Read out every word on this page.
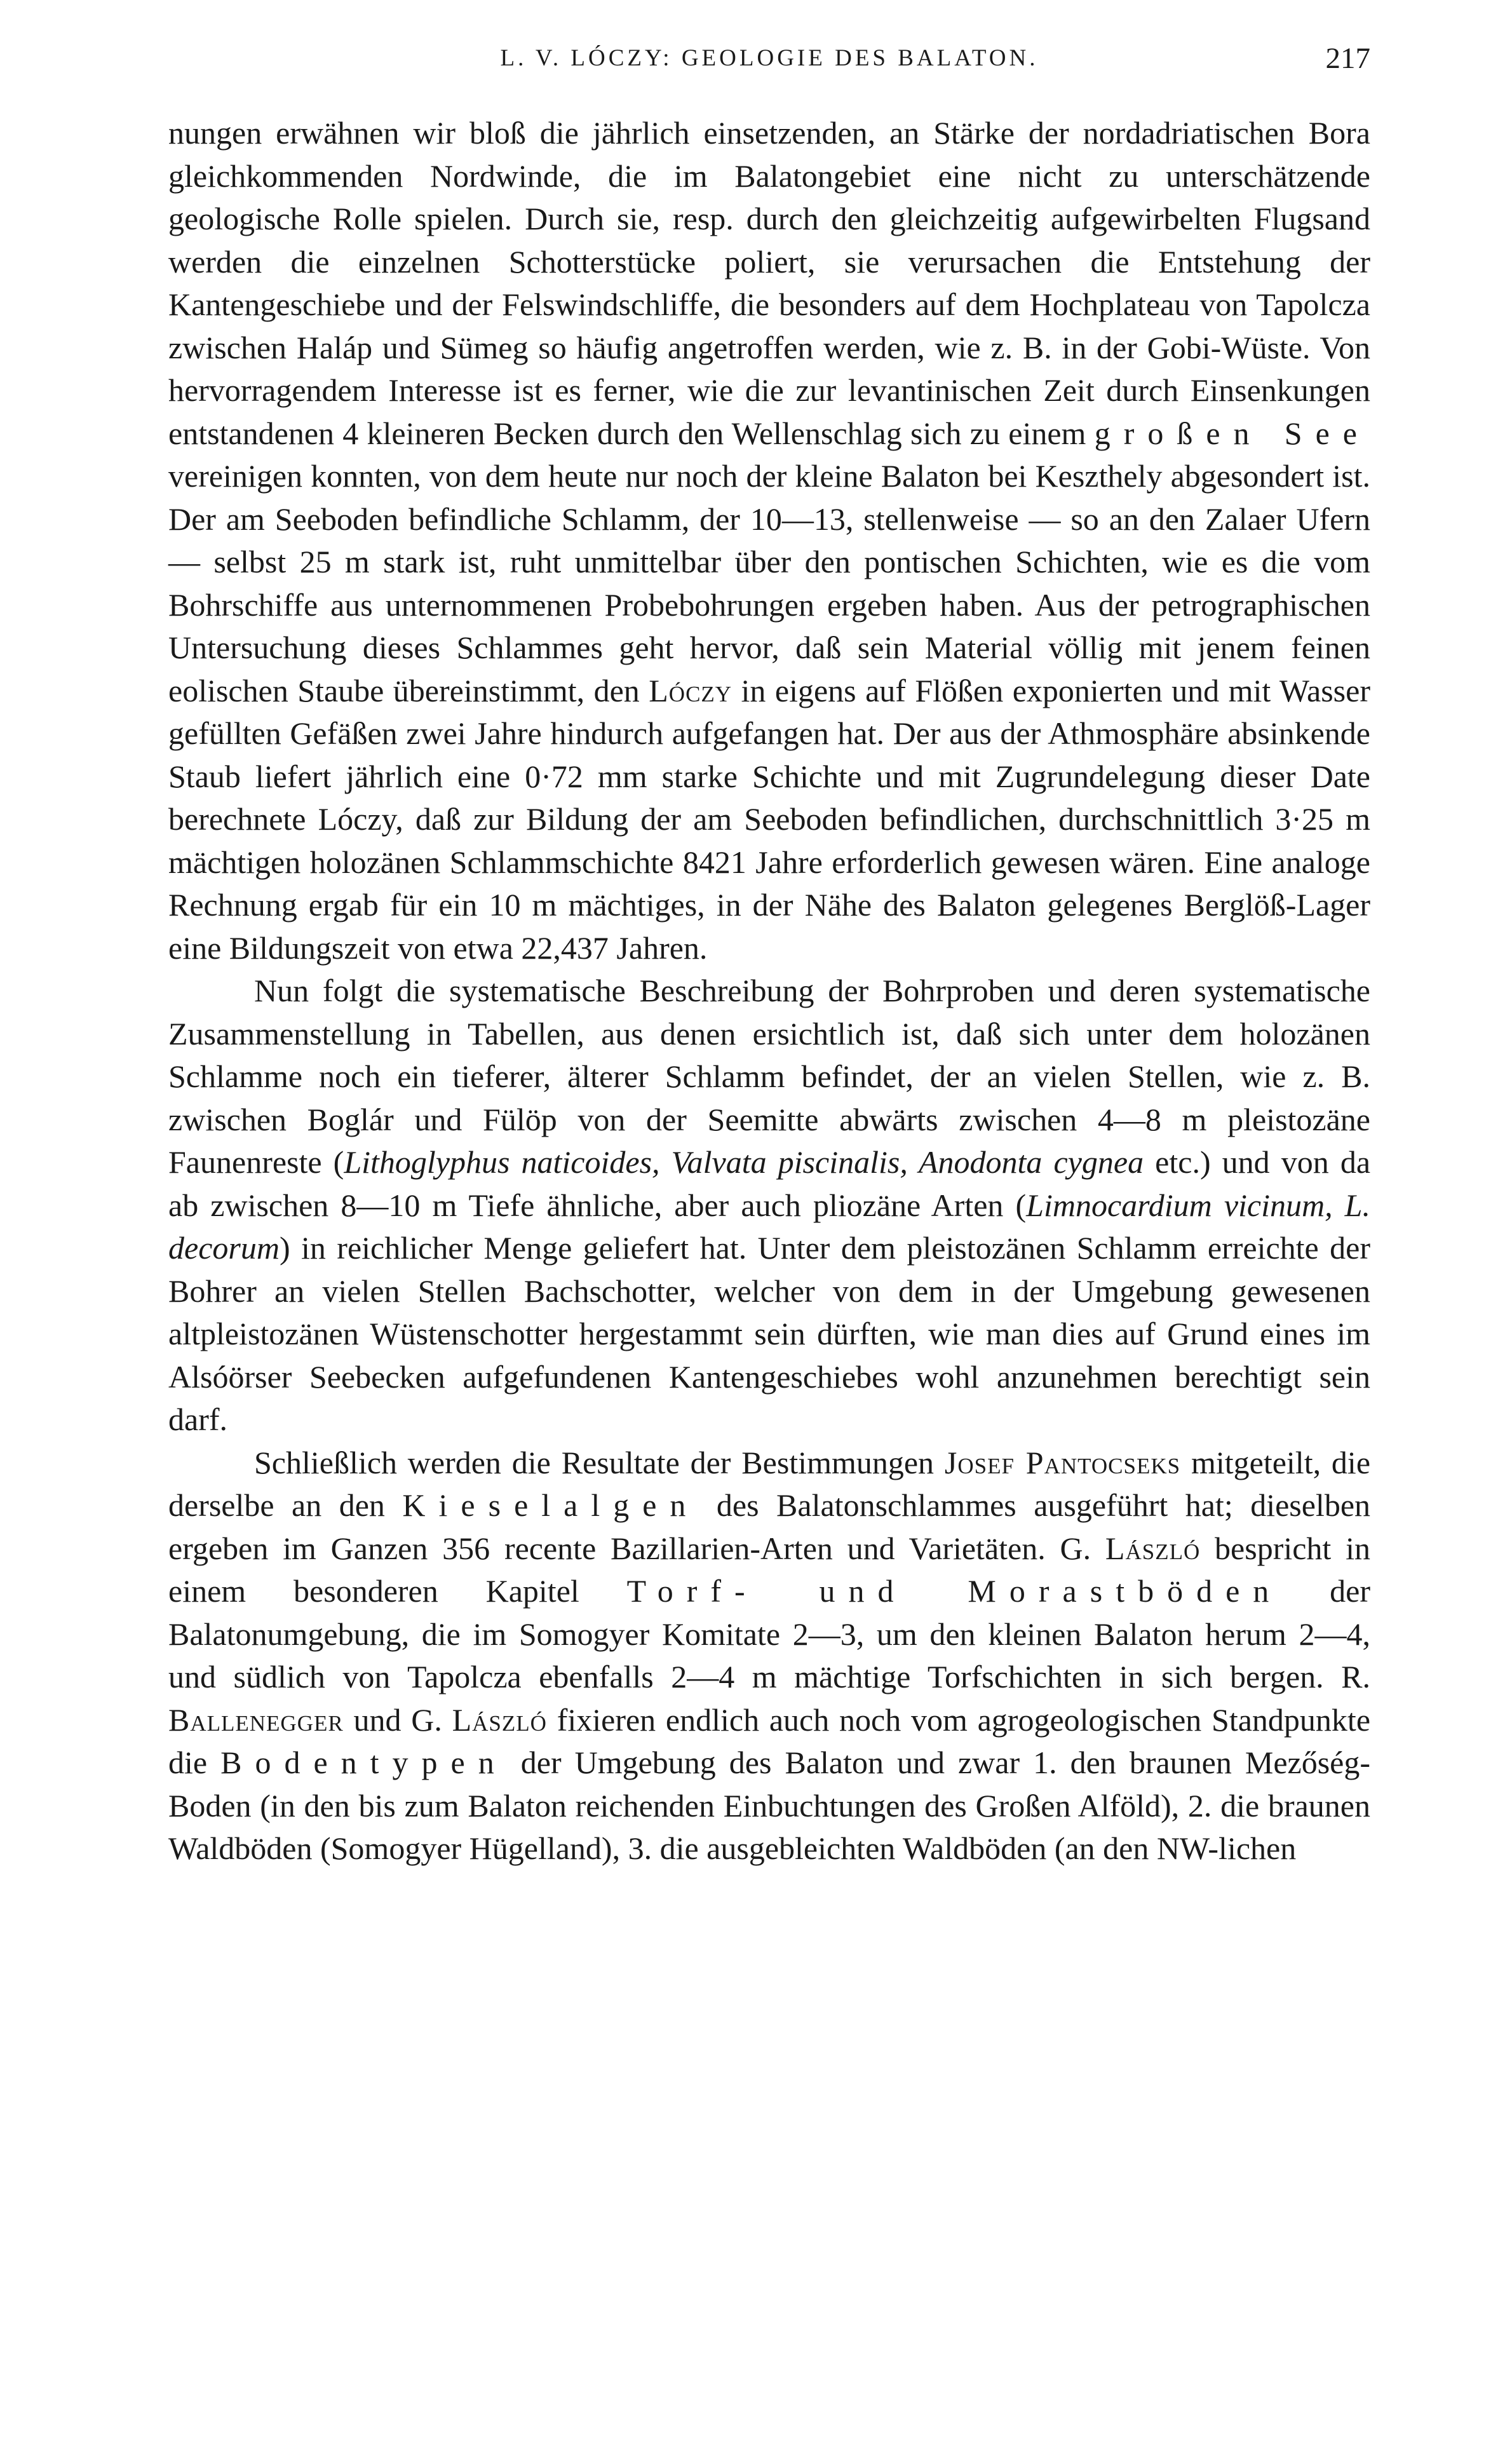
L. V. LÓCZY: GEOLOGIE DES BALATON.	217

nungen erwähnen wir bloß die jährlich einsetzenden, an Stärke der nordadriatischen Bora gleichkommenden Nordwinde, die im Balatongebiet eine nicht zu unterschätzende geologische Rolle spielen. Durch sie, resp. durch den gleichzeitig aufgewirbelten Flugsand werden die einzelnen Schotterstücke poliert, sie verursachen die Entstehung der Kantengeschiebe und der Felswindschliffe, die besonders auf dem Hochplateau von Tapolcza zwischen Haláp und Sümeg so häufig angetroffen werden, wie z. B. in der Gobi-Wüste. Von hervorragendem Interesse ist es ferner, wie die zur levantinischen Zeit durch Einsenkungen entstandenen 4 kleineren Becken durch den Wellenschlag sich zu einem großen See vereinigen konnten, von dem heute nur noch der kleine Balaton bei Keszthely abgesondert ist. Der am Seeboden befindliche Schlamm, der 10—13, stellenweise — so an den Zalaer Ufern — selbst 25 m stark ist, ruht unmittelbar über den pontischen Schichten, wie es die vom Bohrschiffe aus unternommenen Probebohrungen ergeben haben. Aus der petrographischen Untersuchung dieses Schlammes geht hervor, daß sein Material völlig mit jenem feinen eolischen Staube übereinstimmt, den Lóczy in eigens auf Flößen exponierten und mit Wasser gefüllten Gefäßen zwei Jahre hindurch aufgefangen hat. Der aus der Athmosphäre absinkende Staub liefert jährlich eine 0·72 mm starke Schichte und mit Zugrundelegung dieser Date berechnete Lóczy, daß zur Bildung der am Seeboden befindlichen, durchschnittlich 3·25 m mächtigen holozänen Schlammschichte 8421 Jahre erforderlich gewesen wären. Eine analoge Rechnung ergab für ein 10 m mächtiges, in der Nähe des Balaton gelegenes Berglöß-Lager eine Bildungszeit von etwa 22,437 Jahren.

Nun folgt die systematische Beschreibung der Bohrproben und deren systematische Zusammenstellung in Tabellen, aus denen ersichtlich ist, daß sich unter dem holozänen Schlamme noch ein tieferer, älterer Schlamm befindet, der an vielen Stellen, wie z. B. zwischen Boglár und Fülöp von der Seemitte abwärts zwischen 4—8 m pleistozäne Faunenreste (Lithoglyphus naticoides, Valvata piscinalis, Anodonta cygnea etc.) und von da ab zwischen 8—10 m Tiefe ähnliche, aber auch pliozäne Arten (Limnocardium vicinum, L. decorum) in reichlicher Menge geliefert hat. Unter dem pleistozänen Schlamm erreichte der Bohrer an vielen Stellen Bachschotter, welcher von dem in der Umgebung gewesenen altpleistozänen Wüstenschotter hergestammt sein dürften, wie man dies auf Grund eines im Alsóörser Seebecken aufgefundenen Kantengeschiebes wohl anzunehmen berechtigt sein darf.

Schließlich werden die Resultate der Bestimmungen Josef Pantocseks mitgeteilt, die derselbe an den Kieselalgen des Balatonschlammes ausgeführt hat; dieselben ergeben im Ganzen 356 recente Bazillarien-Arten und Varietäten. G. László bespricht in einem besonderen Kapitel Torf- und Morastböden der Balatonumgebung, die im Somogyer Komitate 2—3, um den kleinen Balaton herum 2—4, und südlich von Tapolcza ebenfalls 2—4 m mächtige Torfschichten in sich bergen. R. Ballenegger und G. László fixieren endlich auch noch vom agrogeologischen Standpunkte die Bodentypen der Umgebung des Balaton und zwar 1. den braunen Mezőség-Boden (in den bis zum Balaton reichenden Einbuchtungen des Großen Alföld), 2. die braunen Waldböden (Somogyer Hügelland), 3. die ausgebleichten Waldböden (an den NW-lichen
